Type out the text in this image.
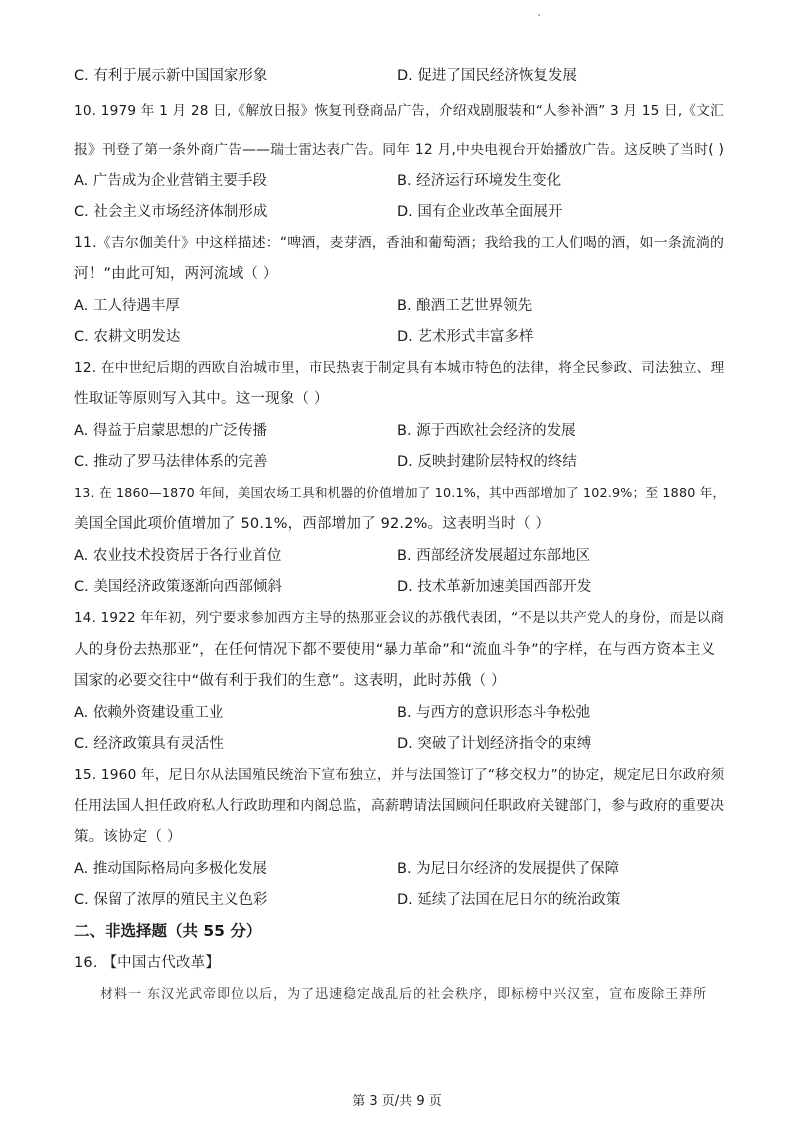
C. 有利于展示新中国国家形象	D. 促进了国民经济恢复发展
10. 1979 年 1 月 28 日,《解放日报》恢复刊登商品广告，介绍戏剧服装和“人参补酒” 3 月 15 日,《文汇
报》刊登了第一条外商广告——瑞士雷达表广告。同年 12 月,中央电视台开始播放广告。这反映了当时( )
A. 广告成为企业营销主要手段	B. 经济运行环境发生变化
C. 社会主义市场经济体制形成	D. 国有企业改革全面展开
11.《吉尔伽美什》中这样描述：“啤酒，麦芽酒，香油和葡萄酒；我给我的工人们喝的酒，如一条流淌的
河！”由此可知，两河流域（ ）
A. 工人待遇丰厚	B. 酿酒工艺世界领先
C. 农耕文明发达	D. 艺术形式丰富多样
12. 在中世纪后期的西欧自治城市里，市民热衷于制定具有本城市特色的法律，将全民参政、司法独立、理
性取证等原则写入其中。这一现象（ ）
A. 得益于启蒙思想的广泛传播	B. 源于西欧社会经济的发展
C. 推动了罗马法律体系的完善	D. 反映封建阶层特权的终结
13. 在 1860—1870 年间，美国农场工具和机器的价值增加了 10.1%，其中西部增加了 102.9%；至 1880 年，
美国全国此项价值增加了 50.1%，西部增加了 92.2%。这表明当时（ ）
A. 农业技术投资居于各行业首位	B. 西部经济发展超过东部地区
C. 美国经济政策逐渐向西部倾斜	D. 技术革新加速美国西部开发
14. 1922 年年初，列宁要求参加西方主导的热那亚会议的苏俄代表团，“不是以共产党人的身份，而是以商
人的身份去热那亚”，在任何情况下都不要使用“暴力革命”和“流血斗争”的字样，在与西方资本主义
国家的必要交往中“做有利于我们的生意”。这表明，此时苏俄（ ）
A. 依赖外资建设重工业	B. 与西方的意识形态斗争松弛
C. 经济政策具有灵活性	D. 突破了计划经济指令的束缚
15. 1960 年，尼日尔从法国殖民统治下宣布独立，并与法国签订了“移交权力”的协定，规定尼日尔政府须
任用法国人担任政府私人行政助理和内阁总监，高薪聘请法国顾问任职政府关键部门，参与政府的重要决
策。该协定（ ）
A. 推动国际格局向多极化发展	B. 为尼日尔经济的发展提供了保障
C. 保留了浓厚的殖民主义色彩	D. 延续了法国在尼日尔的统治政策
二、非选择题（共 55 分）
16. 【中国古代改革】
材料一 东汉光武帝即位以后，为了迅速稳定战乱后的社会秩序，即标榜中兴汉室，宣布废除王莽所
第 3 页/共 9 页
